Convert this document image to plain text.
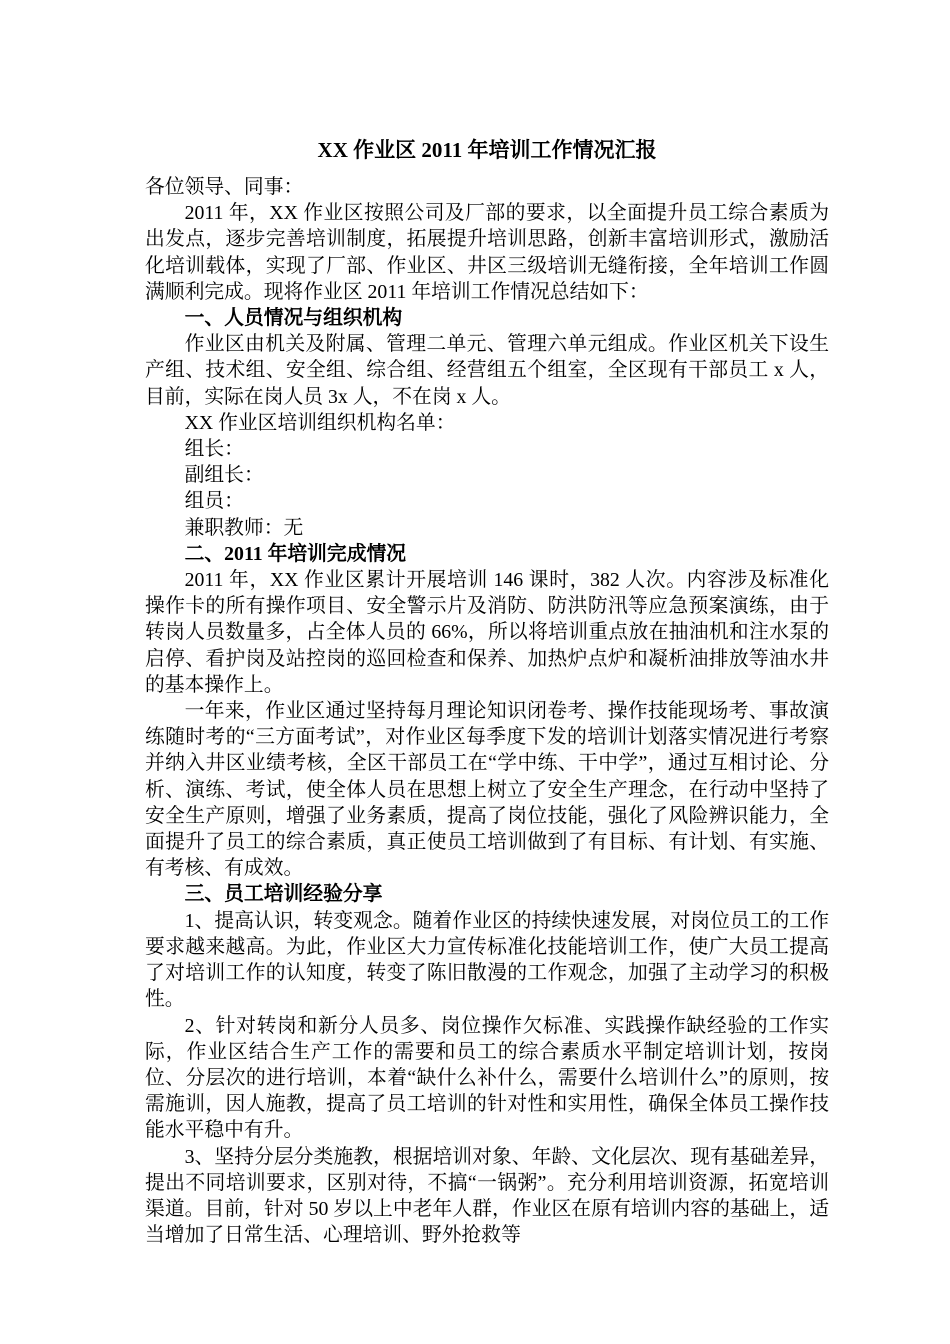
XX 作业区 2011 年培训工作情况汇报

各位领导、同事：

2011 年，XX 作业区按照公司及厂部的要求，以全面提升员工综合素质为出发点，逐步完善培训制度，拓展提升培训思路，创新丰富培训形式，激励活化培训载体，实现了厂部、作业区、井区三级培训无缝衔接，全年培训工作圆满顺利完成。现将作业区 2011 年培训工作情况总结如下：

一、人员情况与组织机构

作业区由机关及附属、管理二单元、管理六单元组成。作业区机关下设生产组、技术组、安全组、综合组、经营组五个组室，全区现有干部员工 x 人，目前，实际在岗人员 3x 人，不在岗 x 人。

XX 作业区培训组织机构名单：

组长：

副组长：

组员：

兼职教师：无

二、2011 年培训完成情况

2011 年，XX 作业区累计开展培训 146 课时，382 人次。内容涉及标准化操作卡的所有操作项目、安全警示片及消防、防洪防汛等应急预案演练，由于转岗人员数量多，占全体人员的 66%，所以将培训重点放在抽油机和注水泵的启停、看护岗及站控岗的巡回检查和保养、加热炉点炉和凝析油排放等油水井的基本操作上。

一年来，作业区通过坚持每月理论知识闭卷考、操作技能现场考、事故演练随时考的“三方面考试”，对作业区每季度下发的培训计划落实情况进行考察并纳入井区业绩考核，全区干部员工在“学中练、干中学”，通过互相讨论、分析、演练、考试，使全体人员在思想上树立了安全生产理念，在行动中坚持了安全生产原则，增强了业务素质，提高了岗位技能，强化了风险辨识能力，全面提升了员工的综合素质，真正使员工培训做到了有目标、有计划、有实施、有考核、有成效。

三、员工培训经验分享

1、提高认识，转变观念。随着作业区的持续快速发展，对岗位员工的工作要求越来越高。为此，作业区大力宣传标准化技能培训工作，使广大员工提高了对培训工作的认知度，转变了陈旧散漫的工作观念，加强了主动学习的积极性。

2、针对转岗和新分人员多、岗位操作欠标准、实践操作缺经验的工作实际，作业区结合生产工作的需要和员工的综合素质水平制定培训计划，按岗位、分层次的进行培训，本着“缺什么补什么，需要什么培训什么”的原则，按需施训，因人施教，提高了员工培训的针对性和实用性，确保全体员工操作技能水平稳中有升。

3、坚持分层分类施教，根据培训对象、年龄、文化层次、现有基础差异，提出不同培训要求，区别对待，不搞“一锅粥”。充分利用培训资源，拓宽培训渠道。目前，针对 50 岁以上中老年人群，作业区在原有培训内容的基础上，适当增加了日常生活、心理培训、野外抢救等
